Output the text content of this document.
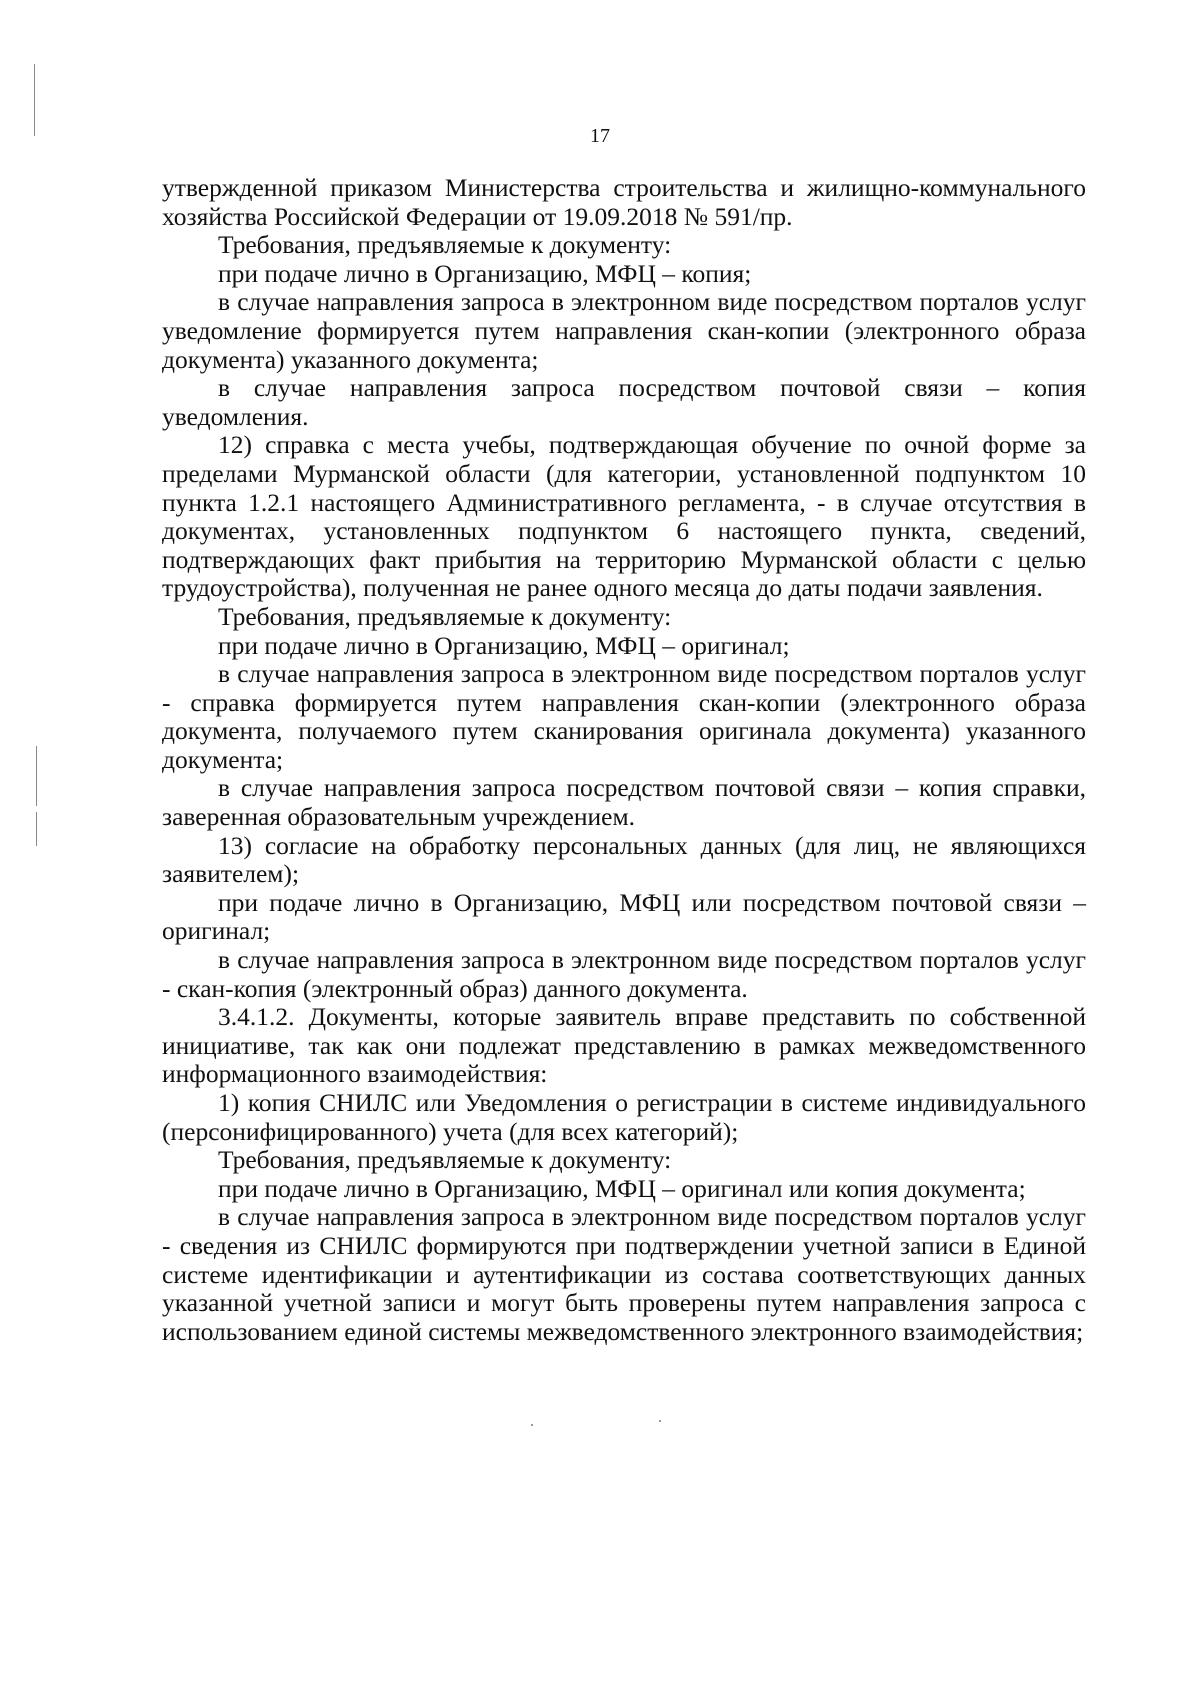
17

утвержденной приказом Министерства строительства и жилищно-коммунального хозяйства Российской Федерации от 19.09.2018 № 591/пр.

Требования, предъявляемые к документу:

при подаче лично в Организацию, МФЦ – копия;

в случае направления запроса в электронном виде посредством порталов услуг уведомление формируется путем направления скан-копии (электронного образа документа) указанного документа;

в случае направления запроса посредством почтовой связи – копия уведомления.

12) справка с места учебы, подтверждающая обучение по очной форме за пределами Мурманской области (для категории, установленной подпунктом 10 пункта 1.2.1 настоящего Административного регламента, - в случае отсутствия в документах, установленных подпунктом 6 настоящего пункта, сведений, подтверждающих факт прибытия на территорию Мурманской области с целью трудоустройства), полученная не ранее одного месяца до даты подачи заявления.

Требования, предъявляемые к документу:

при подаче лично в Организацию, МФЦ – оригинал;

в случае направления запроса в электронном виде посредством порталов услуг - справка формируется путем направления скан-копии (электронного образа документа, получаемого путем сканирования оригинала документа) указанного документа;

в случае направления запроса посредством почтовой связи – копия справки, заверенная образовательным учреждением.

13) согласие на обработку персональных данных (для лиц, не являющихся заявителем);

при подаче лично в Организацию, МФЦ или посредством почтовой связи – оригинал;

в случае направления запроса в электронном виде посредством порталов услуг - скан-копия (электронный образ) данного документа.

3.4.1.2. Документы, которые заявитель вправе представить по собственной инициативе, так как они подлежат представлению в рамках межведомственного информационного взаимодействия:

1) копия СНИЛС или Уведомления о регистрации в системе индивидуального (персонифицированного) учета (для всех категорий);

Требования, предъявляемые к документу:

при подаче лично в Организацию, МФЦ – оригинал или копия документа;

в случае направления запроса в электронном виде посредством порталов услуг - сведения из СНИЛС формируются при подтверждении учетной записи в Единой системе идентификации и аутентификации из состава соответствующих данных указанной учетной записи и могут быть проверены путем направления запроса с использованием единой системы межведомственного электронного взаимодействия;
